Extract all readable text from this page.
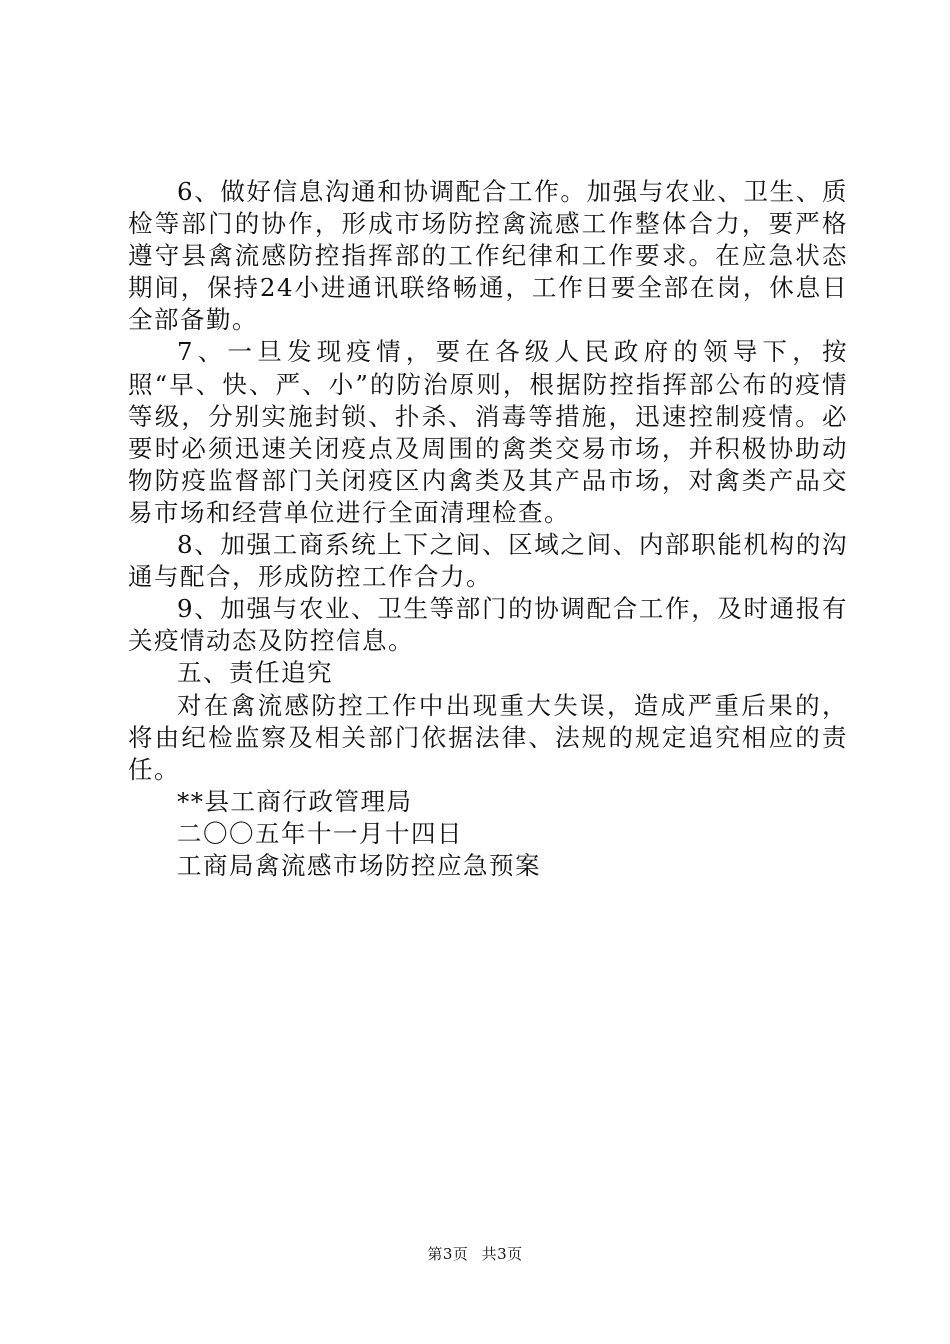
6、做好信息沟通和协调配合工作。加强与农业、卫生、质检等部门的协作，形成市场防控禽流感工作整体合力，要严格遵守县禽流感防控指挥部的工作纪律和工作要求。在应急状态期间，保持24小进通讯联络畅通，工作日要全部在岗，休息日全部备勤。

7、一旦发现疫情，要在各级人民政府的领导下，按照“早、快、严、小”的防治原则，根据防控指挥部公布的疫情等级，分别实施封锁、扑杀、消毒等措施，迅速控制疫情。必要时必须迅速关闭疫点及周围的禽类交易市场，并积极协助动物防疫监督部门关闭疫区内禽类及其产品市场，对禽类产品交易市场和经营单位进行全面清理检查。

8、加强工商系统上下之间、区域之间、内部职能机构的沟通与配合，形成防控工作合力。

9、加强与农业、卫生等部门的协调配合工作，及时通报有关疫情动态及防控信息。

五、责任追究

对在禽流感防控工作中出现重大失误，造成严重后果的，将由纪检监察及相关部门依据法律、法规的规定追究相应的责任。

**县工商行政管理局

二〇〇五年十一月十四日

工商局禽流感市场防控应急预案

第3页 共3页
